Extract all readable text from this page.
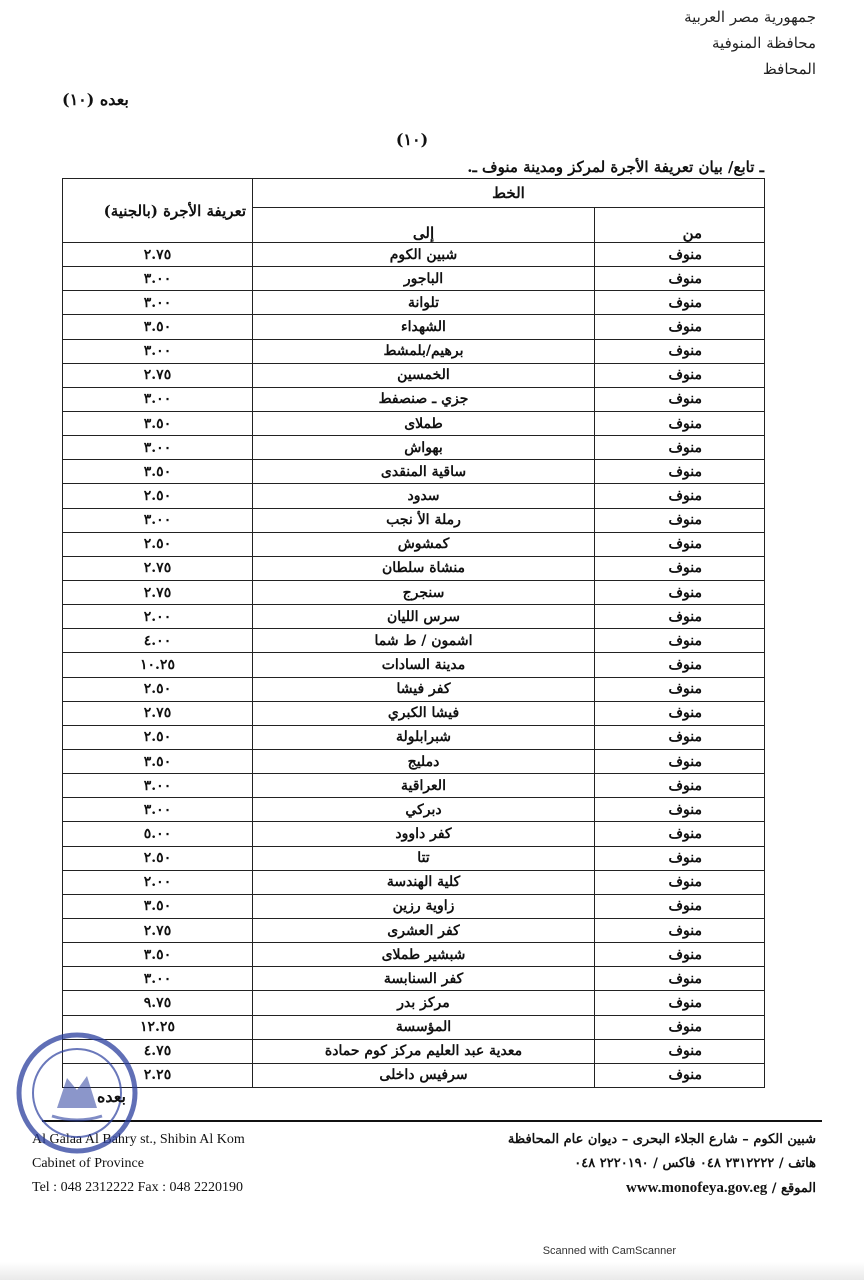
جمهورية مصر العربية
محافظة المنوفية
المحافظ
بعده (١٠)
(١٠)
ـ تابع/ بيان تعريفة الأجرة لمركز ومدينة منوف ـ.
تعريفة الأجرة (بالجنية)	الخط	
	إلى	من
٢.٧٥	شبين الكوم	منوف
٣.٠٠	الباجور	منوف
٣.٠٠	تلوانة	منوف
٣.٥٠	الشهداء	منوف
٣.٠٠	برهيم/بلمشط	منوف
٢.٧٥	الخمسين	منوف
٣.٠٠	جزي ـ صنصفط	منوف
٣.٥٠	طملاى	منوف
٣.٠٠	بهواش	منوف
٣.٥٠	ساقية المنقدى	منوف
٢.٥٠	سدود	منوف
٣.٠٠	رملة الأ نجب	منوف
٢.٥٠	كمشوش	منوف
٢.٧٥	منشاة سلطان	منوف
٢.٧٥	سنجرج	منوف
٢.٠٠	سرس الليان	منوف
٤.٠٠	اشمون / ط شما	منوف
١٠.٢٥	مدينة السادات	منوف
٢.٥٠	كفر فيشا	منوف
٢.٧٥	فيشا الكبري	منوف
٢.٥٠	شبرابلولة	منوف
٣.٥٠	دمليج	منوف
٣.٠٠	العراقية	منوف
٣.٠٠	دبركي	منوف
٥.٠٠	كفر داوود	منوف
٢.٥٠	تتا	منوف
٢.٠٠	كلية الهندسة	منوف
٣.٥٠	زاوية رزين	منوف
٢.٧٥	كفر العشرى	منوف
٣.٥٠	شبشير طملاى	منوف
٣.٠٠	كفر السنابسة	منوف
٩.٧٥	مركز بدر	منوف
١٢.٢٥	المؤسسة	منوف
٤.٧٥	معدية عبد العليم مركز كوم حمادة	منوف
٢.٢٥	سرفيس داخلى	منوف
Al Galaa Al Bahry st., Shibin Al Kom
Cabinet of Province
Tel : 048 2312222 Fax : 048 2220190
شبين الكوم – شارع الجلاء البحرى – ديوان عام المحافظة
هاتف / ٢٣١٢٢٢٢ ٠٤٨ فاكس / ٢٢٢٠١٩٠ ٠٤٨
الموقع / www.monofeya.gov.eg
بعده
Scanned with CamScanner
